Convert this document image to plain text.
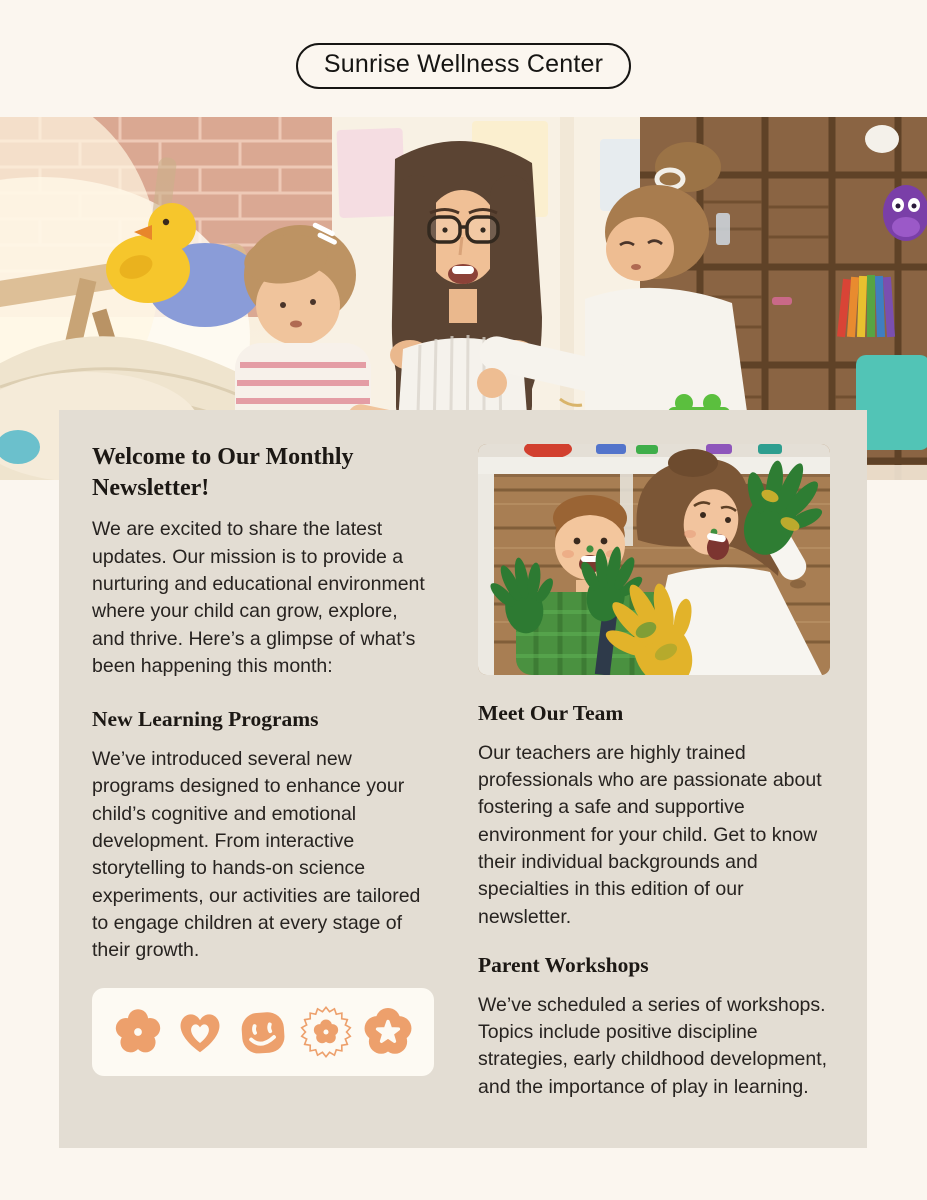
Sunrise Wellness Center
Welcome to Our Monthly Newsletter!

We are excited to share the latest updates. Our mission is to provide a nurturing and educational environment where your child can grow, explore, and thrive. Here’s a glimpse of what’s been happening this month:

New Learning Programs

We’ve introduced several new programs designed to enhance your child’s cognitive and emotional development. From interactive storytelling to hands-on science experiments, our activities are tailored to engage children at every stage of their growth.

Meet Our Team

Our teachers are highly trained professionals who are passionate about fostering a safe and supportive environment for your child. Get to know their individual backgrounds and specialties in this edition of our newsletter.

Parent Workshops

We’ve scheduled a series of workshops. Topics include positive discipline strategies, early childhood development, and the importance of play in learning.
